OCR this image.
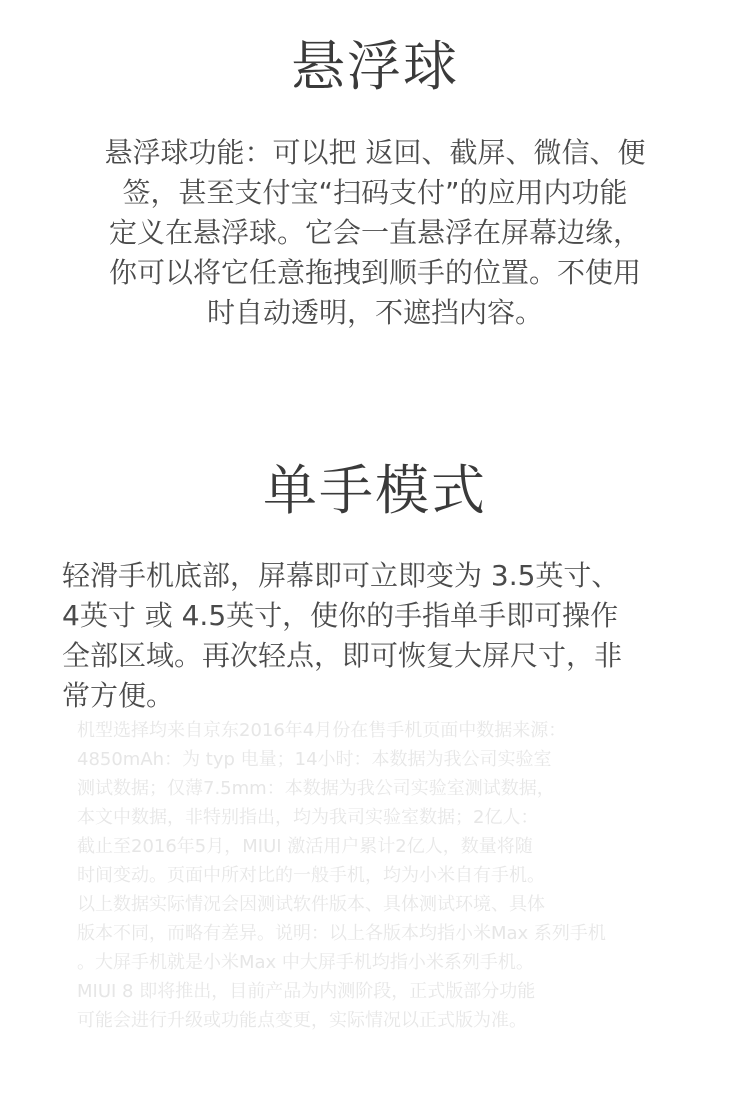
悬浮球
悬浮球功能：可以把 返回、截屏、微信、便
签，甚至支付宝“扫码支付”的应用内功能
定义在悬浮球。它会一直悬浮在屏幕边缘，
你可以将它任意拖拽到顺手的位置。不使用
时自动透明，不遮挡内容。
单手模式
轻滑手机底部，屏幕即可立即变为 3.5英寸、
4英寸 或 4.5英寸，使你的手指单手即可操作
全部区域。再次轻点，即可恢复大屏尺寸，非
常方便。
机型选择均来自京东2016年4月份在售手机页面中数据来源：
4850mAh：为 typ 电量；14小时：本数据为我公司实验室
测试数据；仅薄7.5mm：本数据为我公司实验室测试数据，
本文中数据，非特别指出，均为我司实验室数据；2亿人：
截止至2016年5月，MIUI 激活用户累计2亿人，数量将随
时间变动。页面中所对比的一般手机，均为小米自有手机。
以上数据实际情况会因测试软件版本、具体测试环境、具体
版本不同，而略有差异。说明：以上各版本均指小米Max 系列手机
。大屏手机就是小米Max 中大屏手机均指小米系列手机。
MIUI 8 即将推出，目前产品为内测阶段，正式版部分功能
可能会进行升级或功能点变更，实际情况以正式版为准。
